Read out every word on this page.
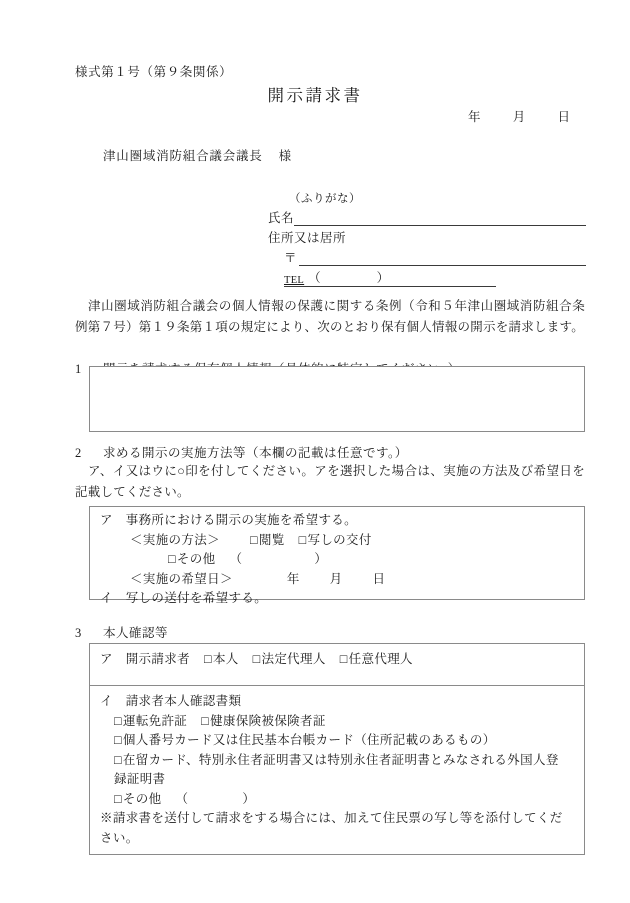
様式第１号（第９条関係）
開示請求書
年	月	日
津山圏域消防組合議会議長 様
（ふりがな）
氏名
住所又は居所
〒
TEL （	）
津山圏域消防組合議会の個人情報の保護に関する条例（令和５年津山圏域消防組合条例第７号）第１９条第１項の規定により、次のとおり保有個人情報の開示を請求します。
1
2 求める開示の実施方法等（本欄の記載は任意です。）
ア、イ又はウに○印を付してください。アを選択した場合は、実施の方法及び希望日を記載してください。
ア　事務所における開示の実施を希望する。
＜実施の方法＞ □閲覧 □写しの交付
□その他 （	）
＜実施の希望日＞	年 月 日
イ　写しの送付を希望する。
3 本人確認等
ア　開示請求者 □本人 □法定代理人 □任意代理人
イ　請求者本人確認書類
□運転免許証 □健康保険被保険者証
□個人番号カード又は住民基本台帳カード（住所記載のあるもの）
□在留カード、特別永住者証明書又は特別永住者証明書とみなされる外国人登録証明書
□その他 （	）
※請求書を送付して請求をする場合には、加えて住民票の写し等を添付してください。
